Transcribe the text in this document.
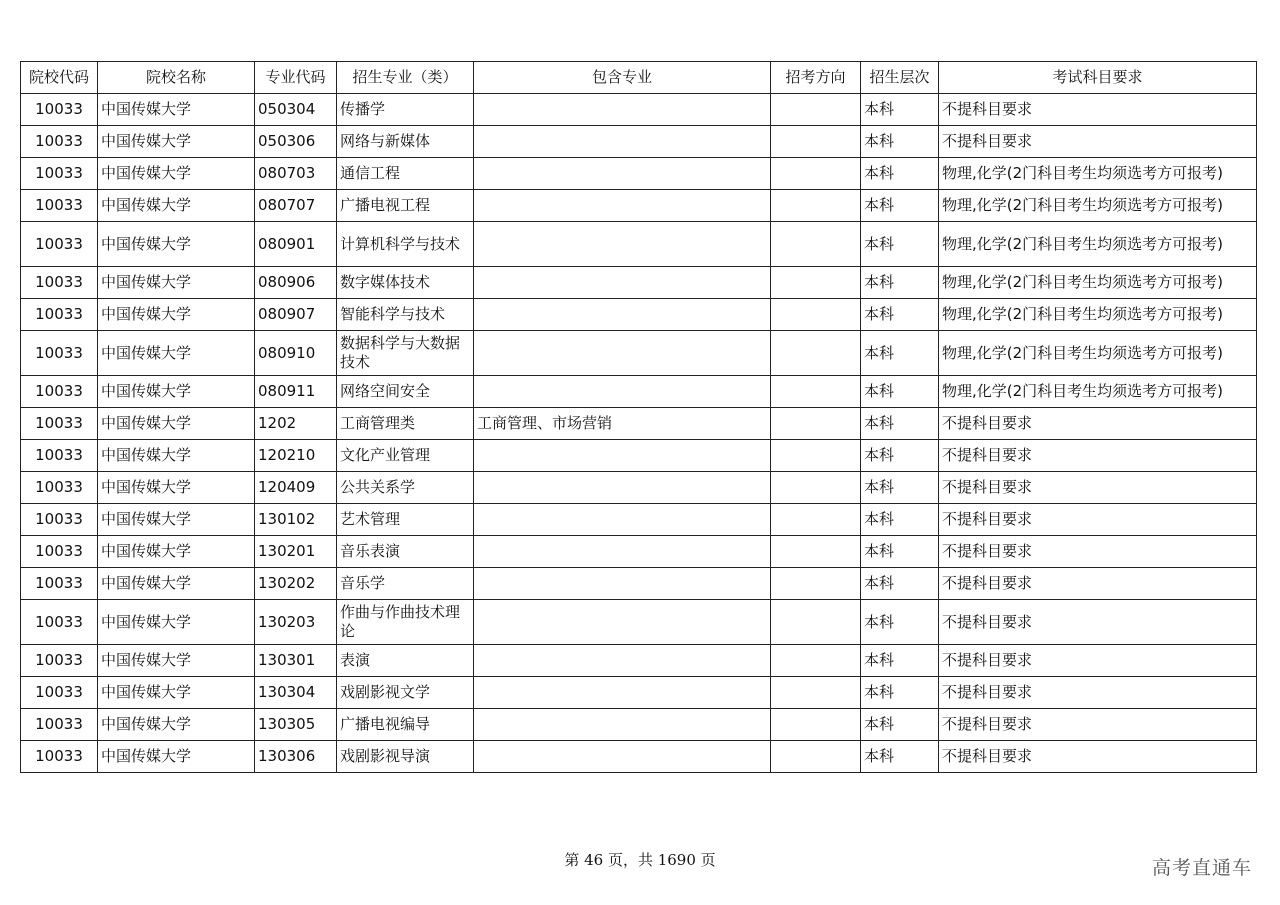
院校代码	院校名称	专业代码	招生专业（类）	包含专业	招考方向	招生层次	考试科目要求
10033	中国传媒大学	050304	传播学			本科	不提科目要求
10033	中国传媒大学	050306	网络与新媒体			本科	不提科目要求
10033	中国传媒大学	080703	通信工程			本科	物理,化学(2门科目考生均须选考方可报考)
10033	中国传媒大学	080707	广播电视工程			本科	物理,化学(2门科目考生均须选考方可报考)
10033	中国传媒大学	080901	计算机科学与技术			本科	物理,化学(2门科目考生均须选考方可报考)
10033	中国传媒大学	080906	数字媒体技术			本科	物理,化学(2门科目考生均须选考方可报考)
10033	中国传媒大学	080907	智能科学与技术			本科	物理,化学(2门科目考生均须选考方可报考)
10033	中国传媒大学	080910	数据科学与大数据技术			本科	物理,化学(2门科目考生均须选考方可报考)
10033	中国传媒大学	080911	网络空间安全			本科	物理,化学(2门科目考生均须选考方可报考)
10033	中国传媒大学	1202	工商管理类	工商管理、市场营销		本科	不提科目要求
10033	中国传媒大学	120210	文化产业管理			本科	不提科目要求
10033	中国传媒大学	120409	公共关系学			本科	不提科目要求
10033	中国传媒大学	130102	艺术管理			本科	不提科目要求
10033	中国传媒大学	130201	音乐表演			本科	不提科目要求
10033	中国传媒大学	130202	音乐学			本科	不提科目要求
10033	中国传媒大学	130203	作曲与作曲技术理论			本科	不提科目要求
10033	中国传媒大学	130301	表演			本科	不提科目要求
10033	中国传媒大学	130304	戏剧影视文学			本科	不提科目要求
10033	中国传媒大学	130305	广播电视编导			本科	不提科目要求
10033	中国传媒大学	130306	戏剧影视导演			本科	不提科目要求
第 46 页，共 1690 页	高考直通车
